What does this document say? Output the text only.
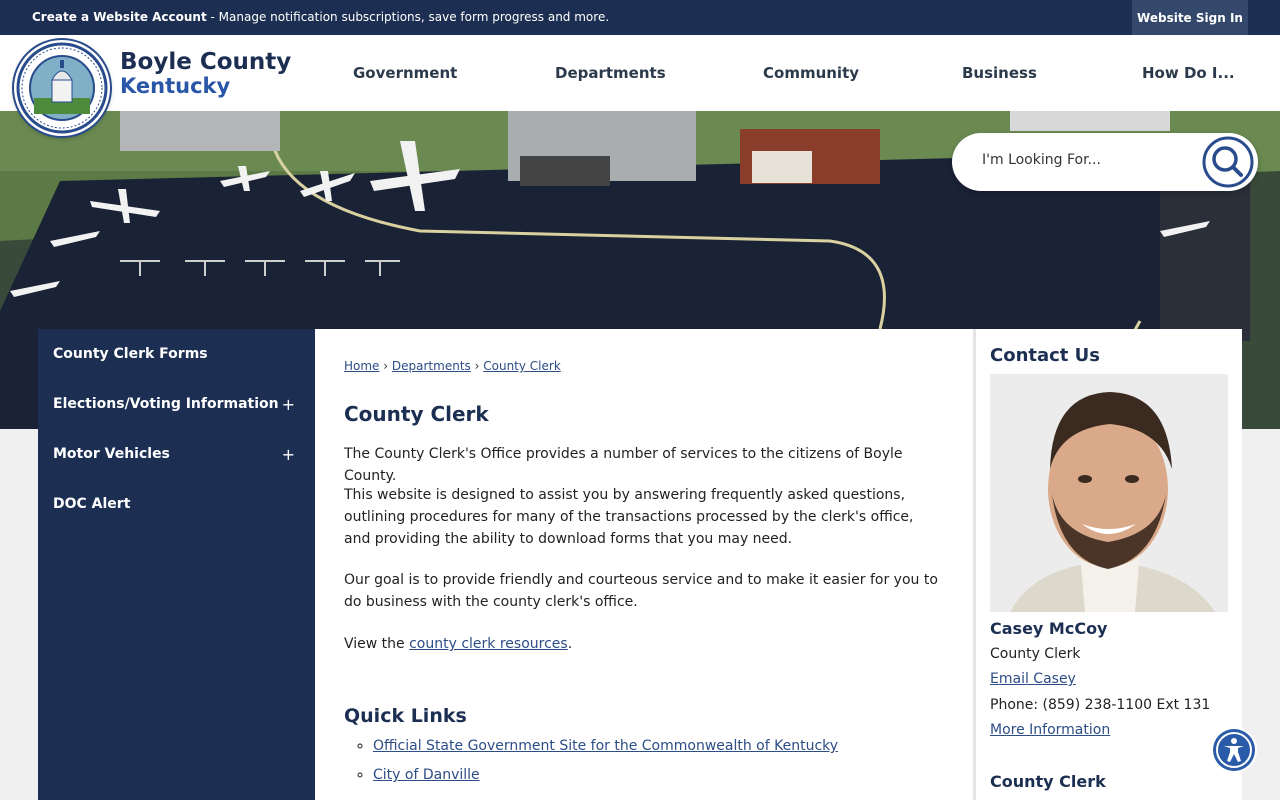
Create a Website Account - Manage notification subscriptions, save form progress and more.	Website Sign In
Boyle County
Kentucky
Government	Departments	Community	Business	How Do I...
I'm Looking For...
County Clerk Forms
Elections/Voting Information +
Motor Vehicles	+
DOC Alert
Home › Departments › County Clerk
County Clerk

The County Clerk's Office provides a number of services to the citizens of Boyle County.

This website is designed to assist you by answering frequently asked questions, outlining procedures for many of the transactions processed by the clerk's office, and providing the ability to download forms that you may need.

Our goal is to provide friendly and courteous service and to make it easier for you to do business with the county clerk's office.

View the county clerk resources.

Quick Links
◦ Official State Government Site for the Commonwealth of Kentucky
◦ City of Danville
Contact Us
Casey McCoy
County Clerk
Email Casey
Phone: (859) 238-1100 Ext 131
More Information
County Clerk
